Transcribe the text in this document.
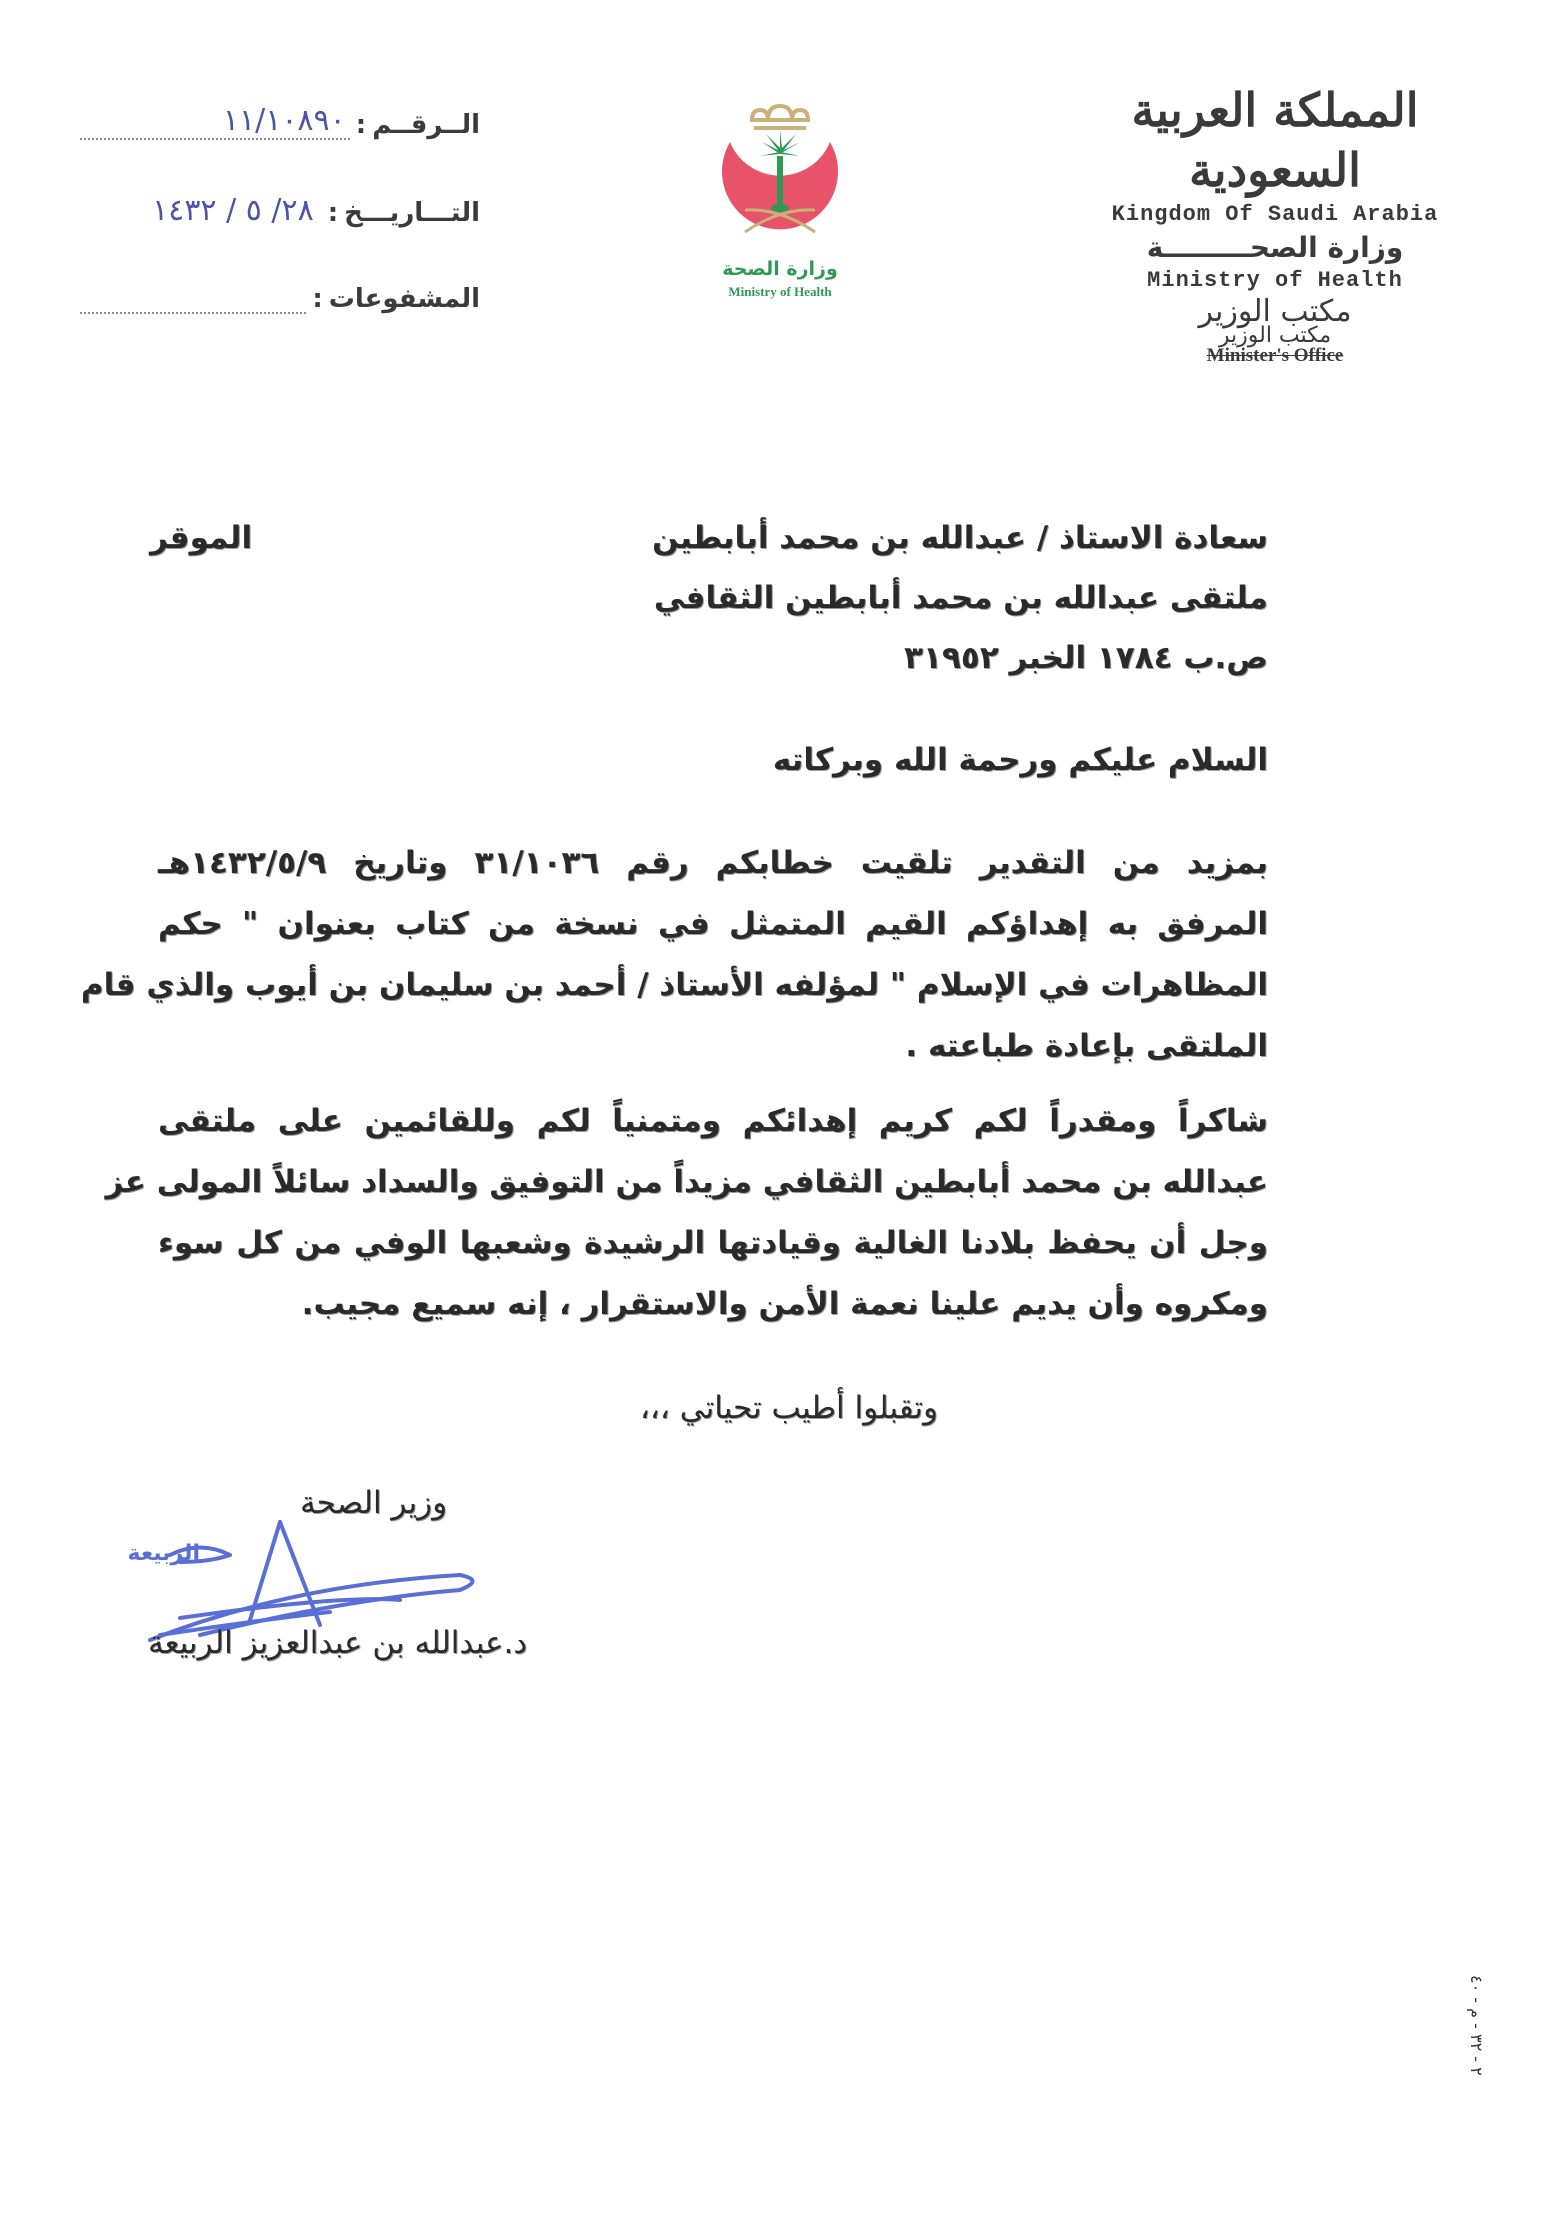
المملكة العربية السعودية
Kingdom Of Saudi Arabia
وزارة الصحـــــــــة
Ministry of Health
مكتب الوزير
مكتب الوزير
Minister's Office
وزارة الصحة
Ministry of Health
الــرقــم
:
١١/١٠٨٩٠
التـــاريـــخ
:
٢٨/ ٥ / ١٤٣٢
المشفوعات
:
سعادة الاستاذ / عبدالله بن محمد أبابطين
ملتقى عبدالله بن محمد أبابطين الثقافي
ص.ب ١٧٨٤ الخبر ٣١٩٥٢
الموقر
السلام عليكم ورحمة الله وبركاته
بمزيد من التقدير تلقيت خطابكم رقم ٣١/١٠٣٦ وتاريخ ١٤٣٢/٥/٩هـ
المرفق به إهداؤكم القيم المتمثل في نسخة من كتاب بعنوان " حكم
المظاهرات في الإسلام " لمؤلفه الأستاذ / أحمد بن سليمان بن أيوب والذي قام
الملتقى بإعادة طباعته .
شاكراً ومقدراً لكم كريم إهدائكم ومتمنياً لكم وللقائمين على ملتقى
عبدالله بن محمد أبابطين الثقافي مزيداً من التوفيق والسداد سائلاً المولى عز
وجل أن يحفظ بلادنا الغالية وقيادتها الرشيدة وشعبها الوفي من كل سوء
ومكروه وأن يديم علينا نعمة الأمن والاستقرار ، إنه سميع مجيب.
وتقبلوا أطيب تحياتي ،،،
وزير الصحة
الربيعة
د.عبدالله بن عبدالعزيز الربيعة
٢ - ٣٢ - م - ٤٠
